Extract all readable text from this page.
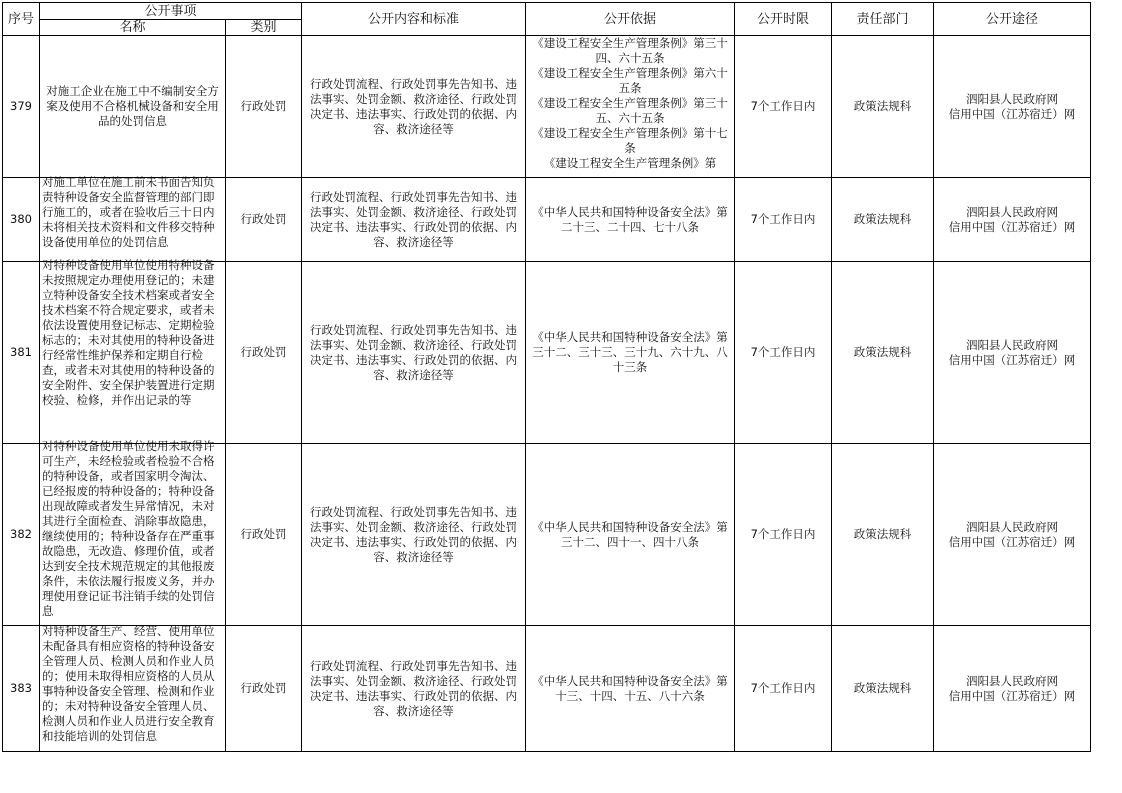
序号	公开事项		公开内容和标准	公开依据	公开时限	责任部门	公开途径
	名称	类别					
379	对施工企业在施工中不编制安全方案及使用不合格机械设备和安全用品的处罚信息	行政处罚	行政处罚流程、行政处罚事先告知书、违法事实、处罚金额、救济途径、行政处罚决定书、违法事实、行政处罚的依据、内容、救济途径等	《建设工程安全生产管理条例》第三十四、六十五条
《建设工程安全生产管理条例》第六十五条
《建设工程安全生产管理条例》第三十五、六十五条
《建设工程安全生产管理条例》第十七条
《建设工程安全生产管理条例》第	7个工作日内	政策法规科	泗阳县人民政府网
信用中国（江苏宿迁）网
380	对施工单位在施工前未书面告知负责特种设备安全监督管理的部门即行施工的，或者在验收后三十日内未将相关技术资料和文件移交特种设备使用单位的处罚信息	行政处罚	行政处罚流程、行政处罚事先告知书、违法事实、处罚金额、救济途径、行政处罚决定书、违法事实、行政处罚的依据、内容、救济途径等	《中华人民共和国特种设备安全法》第二十三、二十四、七十八条	7个工作日内	政策法规科	泗阳县人民政府网
信用中国（江苏宿迁）网
381	对特种设备使用单位使用特种设备未按照规定办理使用登记的；未建立特种设备安全技术档案或者安全技术档案不符合规定要求，或者未依法设置使用登记标志、定期检验标志的；未对其使用的特种设备进行经常性维护保养和定期自行检查，或者未对其使用的特种设备的安全附件、安全保护装置进行定期校验、检修，并作出记录的等	行政处罚	行政处罚流程、行政处罚事先告知书、违法事实、处罚金额、救济途径、行政处罚决定书、违法事实、行政处罚的依据、内容、救济途径等	《中华人民共和国特种设备安全法》第三十二、三十三、三十九、六十九、八十三条	7个工作日内	政策法规科	泗阳县人民政府网
信用中国（江苏宿迁）网
382	对特种设备使用单位使用未取得许可生产，未经检验或者检验不合格的特种设备，或者国家明令淘汰、已经报废的特种设备的；特种设备出现故障或者发生异常情况，未对其进行全面检查、消除事故隐患，继续使用的；特种设备存在严重事故隐患，无改造、修理价值，或者达到安全技术规范规定的其他报废条件，未依法履行报废义务，并办理使用登记证书注销手续的处罚信息	行政处罚	行政处罚流程、行政处罚事先告知书、违法事实、处罚金额、救济途径、行政处罚决定书、违法事实、行政处罚的依据、内容、救济途径等	《中华人民共和国特种设备安全法》第三十二、四十一、四十八条	7个工作日内	政策法规科	泗阳县人民政府网
信用中国（江苏宿迁）网
383	对特种设备生产、经营、使用单位未配备具有相应资格的特种设备安全管理人员、检测人员和作业人员的；使用未取得相应资格的人员从事特种设备安全管理、检测和作业的；未对特种设备安全管理人员、检测人员和作业人员进行安全教育和技能培训的处罚信息	行政处罚	行政处罚流程、行政处罚事先告知书、违法事实、处罚金额、救济途径、行政处罚决定书、违法事实、行政处罚的依据、内容、救济途径等	《中华人民共和国特种设备安全法》第十三、十四、十五、八十六条	7个工作日内	政策法规科	泗阳县人民政府网
信用中国（江苏宿迁）网
